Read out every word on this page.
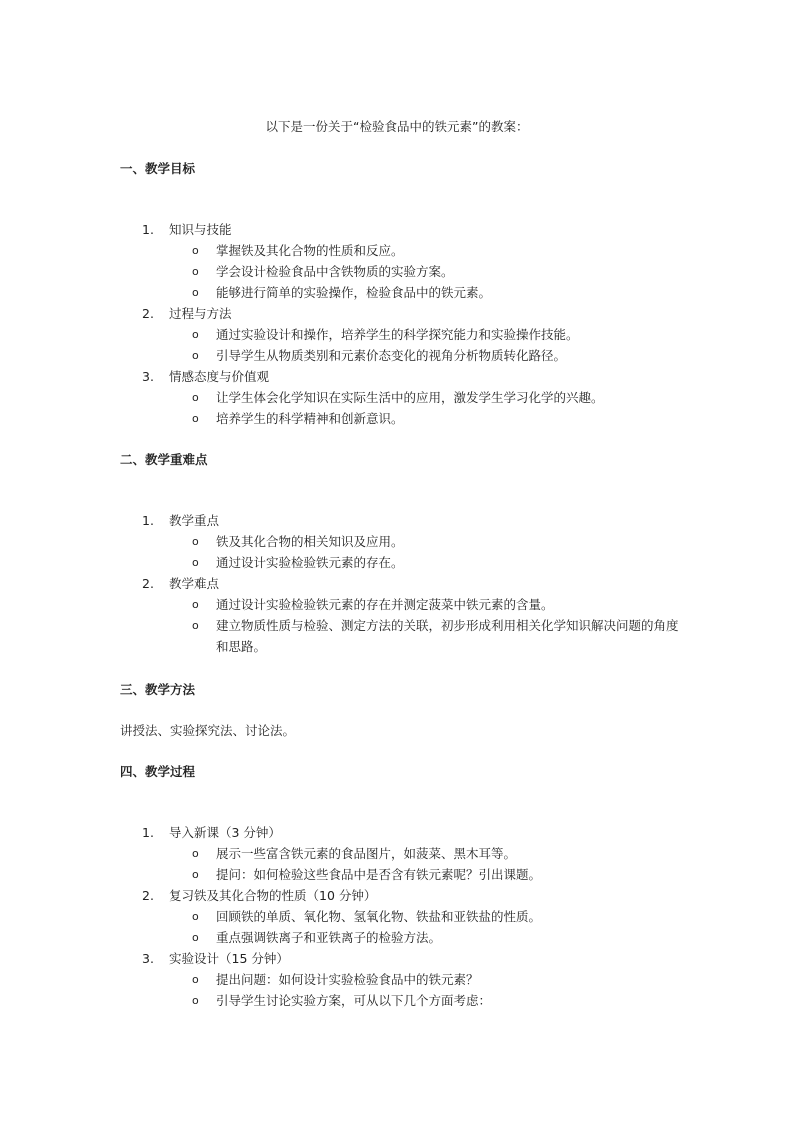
以下是一份关于“检验食品中的铁元素”的教案：
一、教学目标
1.	知识与技能
o	掌握铁及其化合物的性质和反应。
o	学会设计检验食品中含铁物质的实验方案。
o	能够进行简单的实验操作，检验食品中的铁元素。
2.	过程与方法
o	通过实验设计和操作，培养学生的科学探究能力和实验操作技能。
o	引导学生从物质类别和元素价态变化的视角分析物质转化路径。
3.	情感态度与价值观
o	让学生体会化学知识在实际生活中的应用，激发学生学习化学的兴趣。
o	培养学生的科学精神和创新意识。
二、教学重难点
1.	教学重点
o	铁及其化合物的相关知识及应用。
o	通过设计实验检验铁元素的存在。
2.	教学难点
o	通过设计实验检验铁元素的存在并测定菠菜中铁元素的含量。
o	建立物质性质与检验、测定方法的关联，初步形成利用相关化学知识解决问题的角度和思路。
三、教学方法
讲授法、实验探究法、讨论法。
四、教学过程
1.	导入新课（3 分钟）
o	展示一些富含铁元素的食品图片，如菠菜、黑木耳等。
o	提问：如何检验这些食品中是否含有铁元素呢？引出课题。
2.	复习铁及其化合物的性质（10 分钟）
o	回顾铁的单质、氧化物、氢氧化物、铁盐和亚铁盐的性质。
o	重点强调铁离子和亚铁离子的检验方法。
3.	实验设计（15 分钟）
o	提出问题：如何设计实验检验食品中的铁元素？
o	引导学生讨论实验方案，可从以下几个方面考虑：
